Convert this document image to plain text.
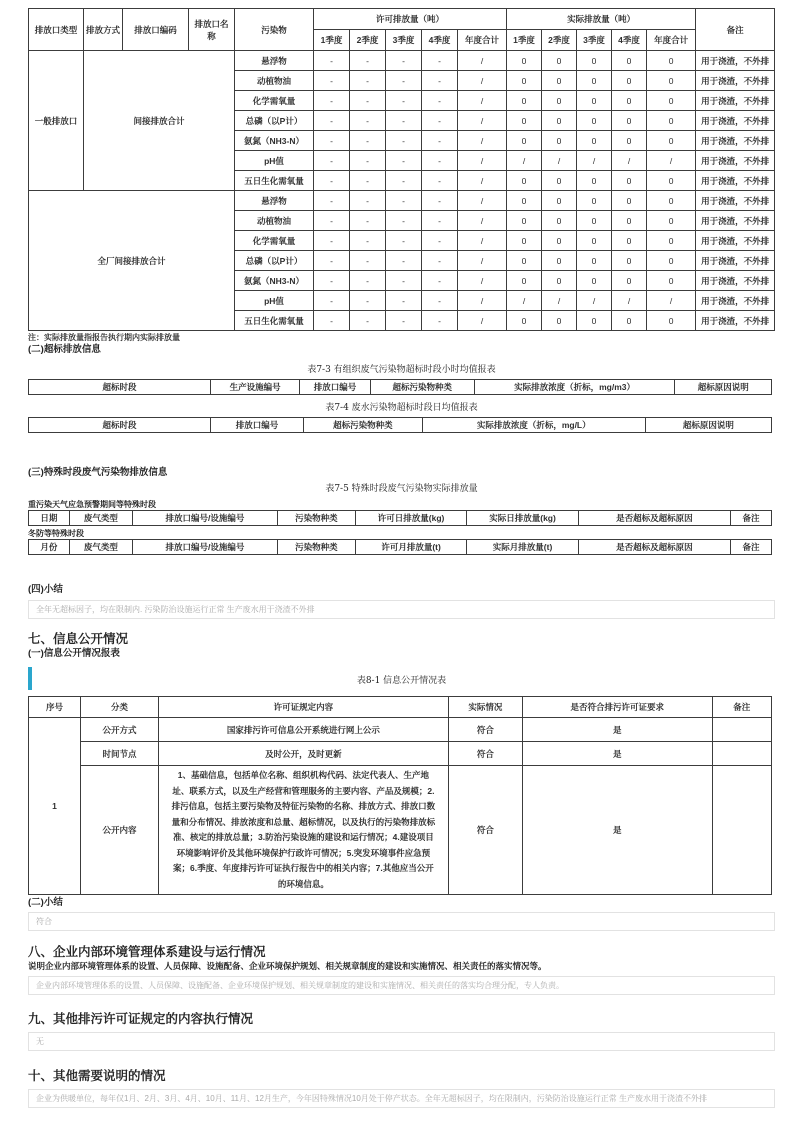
排放口类型	排放方式	排放口编码	排放口名称	污染物	许可排放量（吨）					实际排放量（吨）					备注
					1季度	2季度	3季度	4季度	年度合计	1季度	2季度	3季度	4季度	年度合计	
一般排放口	间接排放合计			悬浮物	-	-	-	-	/	0	0	0	0	0	用于浇渣，不外排
				动植物油	-	-	-	-	/	0	0	0	0	0	用于浇渣，不外排
				化学需氧量	-	-	-	-	/	0	0	0	0	0	用于浇渣，不外排
				总磷（以P计）	-	-	-	-	/	0	0	0	0	0	用于浇渣，不外排
				氨氮（NH3-N）	-	-	-	-	/	0	0	0	0	0	用于浇渣，不外排
				pH值	-	-	-	-	/	/	/	/	/	/	用于浇渣，不外排
				五日生化需氧量	-	-	-	-	/	0	0	0	0	0	用于浇渣，不外排
全厂间接排放合计				悬浮物	-	-	-	-	/	0	0	0	0	0	用于浇渣，不外排
				动植物油	-	-	-	-	/	0	0	0	0	0	用于浇渣，不外排
				化学需氧量	-	-	-	-	/	0	0	0	0	0	用于浇渣，不外排
				总磷（以P计）	-	-	-	-	/	0	0	0	0	0	用于浇渣，不外排
				氨氮（NH3-N）	-	-	-	-	/	0	0	0	0	0	用于浇渣，不外排
				pH值	-	-	-	-	/	/	/	/	/	/	用于浇渣，不外排
				五日生化需氧量	-	-	-	-	/	0	0	0	0	0	用于浇渣，不外排
注：实际排放量指报告执行期内实际排放量
(二)超标排放信息
表7-3 有组织废气污染物超标时段小时均值报表
超标时段	生产设施编号	排放口编号	超标污染物种类	实际排放浓度（折标，mg/m3）	超标原因说明
表7-4 废水污染物超标时段日均值报表
超标时段	排放口编号	超标污染物种类	实际排放浓度（折标，mg/L）	超标原因说明
(三)特殊时段废气污染物排放信息
表7-5 特殊时段废气污染物实际排放量
重污染天气应急预警期间等特殊时段
日期	废气类型	排放口编号/设施编号	污染物种类	许可日排放量(kg)	实际日排放量(kg)	是否超标及超标原因	备注
冬防等特殊时段
月份	废气类型	排放口编号/设施编号	污染物种类	许可月排放量(t)	实际月排放量(t)	是否超标及超标原因	备注
(四)小结
全年无超标因子，均在限制内. 污染防治设施运行正常 生产废水用于浇渣不外排
七、信息公开情况
(一)信息公开情况报表
表8-1 信息公开情况表
序号	分类	许可证规定内容	实际情况	是否符合排污许可证要求	备注
1	公开方式	国家排污许可信息公开系统进行网上公示	符合	是	
	时间节点	及时公开，及时更新	符合	是	
	公开内容	1、基础信息，包括单位名称、组织机构代码、法定代表人、生产地址、联系方式，以及生产经营和管理服务的主要内容、产品及规模；2.排污信息，包括主要污染物及特征污染物的名称、排放方式、排放口数量和分布情况、排放浓度和总量、超标情况，以及执行的污染物排放标准、核定的排放总量；3.防治污染设施的建设和运行情况；4.建设项目环境影响评价及其他环境保护行政许可情况；5.突发环境事件应急预案；6.季度、年度排污许可证执行报告中的相关内容；7.其他应当公开的环境信息。	符合	是	
(二)小结
符合
八、企业内部环境管理体系建设与运行情况
说明企业内部环境管理体系的设置、人员保障、设施配备、企业环境保护规划、相关规章制度的建设和实施情况、相关责任的落实情况等。
企业内部环境管理体系的设置、人员保障、设施配备、企业环境保护规划、相关规章制度的建设和实施情况、相关责任的落实均合理分配，专人负责。
九、其他排污许可证规定的内容执行情况
无
十、其他需要说明的情况
企业为供暖单位，每年仅1月、2月、3月、4月、10月、11月、12月生产，今年因特殊情况10月处于停产状态。全年无超标因子，均在限制内，污染防治设施运行正常 生产废水用于浇渣不外排
